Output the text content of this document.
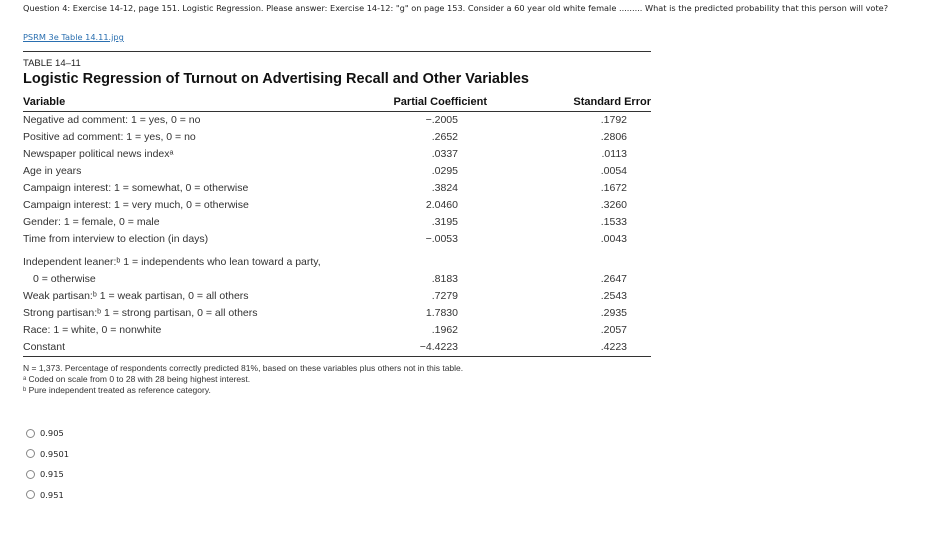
Question 4: Exercise 14-12, page 151. Logistic Regression. Please answer: Exercise 14-12: "g" on page 153. Consider a 60 year old white female ......... What is the predicted probability that this person will vote?
PSRM 3e Table 14.11.jpg
TABLE 14–11
Logistic Regression of Turnout on Advertising Recall and Other Variables
Variable	Partial Coefficient	Standard Error
Negative ad comment: 1 = yes, 0 = no	−.2005	.1792
Positive ad comment: 1 = yes, 0 = no	.2652	.2806
Newspaper political news indexᵃ	.0337	.0113
Age in years	.0295	.0054
Campaign interest: 1 = somewhat, 0 = otherwise	.3824	.1672
Campaign interest: 1 = very much, 0 = otherwise	2.0460	.3260
Gender: 1 = female, 0 = male	.3195	.1533
Time from interview to election (in days)	−.0053	.0043
Independent leaner:ᵇ 1 = independents who lean toward a party,
0 = otherwise	.8183	.2647
Weak partisan:ᵇ 1 = weak partisan, 0 = all others	.7279	.2543
Strong partisan:ᵇ 1 = strong partisan, 0 = all others	1.7830	.2935
Race: 1 = white, 0 = nonwhite	.1962	.2057
Constant	−4.4223	.4223
N = 1,373. Percentage of respondents correctly predicted 81%, based on these variables plus others not in this table.
ᵃ Coded on scale from 0 to 28 with 28 being highest interest.
ᵇ Pure independent treated as reference category.
0.905
0.9501
0.915
0.951
